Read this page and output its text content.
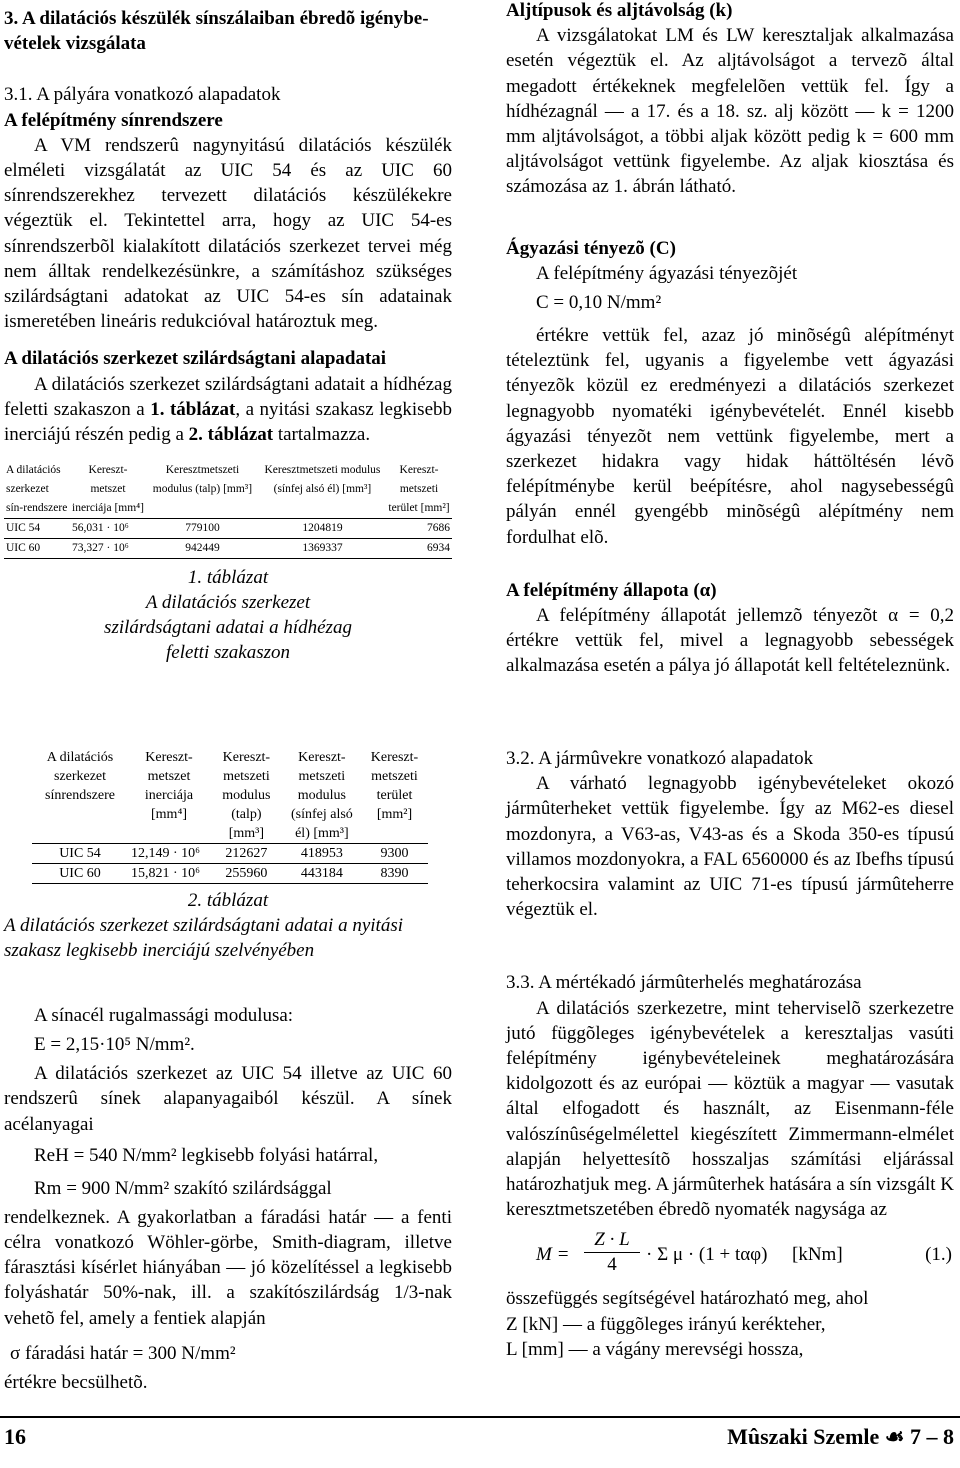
3. A dilatációs készülék sínszálaiban ébredõ igénybe-vételek vizsgálata

3.1. A pályára vonatkozó alapadatok

A felépítmény sínrendszere

A VM rendszerû nagynyitású dilatációs készülék elméleti vizsgálatát az UIC 54 és az UIC 60 sínrendszerekhez tervezett dilatációs készülékekre végeztük el. Tekintettel arra, hogy az UIC 54-es sínrendszerbõl kialakított dilatációs szerkezet tervei még nem álltak rendelkezésünkre, a számításhoz szükséges szilárdságtani adatokat az UIC 54-es sín adatainak ismeretében lineáris redukcióval határoztuk meg.

A dilatációs szerkezet szilárdságtani alapadatai

A dilatációs szerkezet szilárdságtani adatait a hídhézag feletti szakaszon a 1. táblázat, a nyitási szakasz legkisebb inerciájú részén pedig a 2. táblázat tartalmazza.

A dilatációs szerkezet sín-rendszere	Kereszt-metszet inerciája [mm⁴]	Keresztmetszeti modulus (talp) [mm³]	Keresztmetszeti modulus (sínfej alsó él) [mm³]	Kereszt-metszeti terület [mm²]
UIC 54	56,031 · 10⁶	779100	1204819	7686
UIC 60	73,327 · 10⁶	942449	1369337	6934

1. táblázat

A dilatációs szerkezet szilárdságtani adatai a hídhézag feletti szakaszon

A dilatációs szerkezet sínrendszere	Kereszt-metszet inerciája [mm⁴]	Kereszt-metszeti modulus (talp) [mm³]	Kereszt-metszeti modulus (sínfej alsó él) [mm³]	Kereszt-metszeti terület [mm²]
UIC 54	12,149 · 10⁶	212627	418953	9300
UIC 60	15,821 · 10⁶	255960	443184	8390

2. táblázat

A dilatációs szerkezet szilárdságtani adatai a nyitási szakasz legkisebb inerciájú szelvényében

A sínacél rugalmassági modulusa:

E = 2,15·10⁵ N/mm².

A dilatációs szerkezet az UIC 54 illetve az UIC 60 rendszerû sínek alapanyagaiból készül. A sínek acélanyagai

ReH = 540 N/mm² legkisebb folyási határral,

Rm = 900 N/mm² szakító szilárdsággal

rendelkeznek. A gyakorlatban a fáradási határ — a fenti célra vonatkozó Wöhler-görbe, Smith-diagram, illetve fárasztási kísérlet hiányában — jó közelítéssel a legkisebb folyáshatár 50%-nak, ill. a szakítószilárdság 1/3-nak vehetõ fel, amely a fentiek alapján

σ fáradási határ = 300 N/mm²

értékre becsülhetõ.

Aljtípusok és aljtávolság (k)

A vizsgálatokat LM és LW keresztaljak alkalmazása esetén végeztük el. Az aljtávolságot a tervezõ által megadott értékeknek megfelelõen vettük fel. Így a hídhézagnál — a 17. és a 18. sz. alj között — k = 1200 mm aljtávolságot, a többi aljak között pedig k = 600 mm aljtávolságot vettünk figyelembe. Az aljak kiosztása és számozása az 1. ábrán látható.

Ágyazási tényezõ (C)

A felépítmény ágyazási tényezõjét

C = 0,10 N/mm²

értékre vettük fel, azaz jó minõségû alépítményt tételeztünk fel, ugyanis a figyelembe vett ágyazási tényezõk közül ez eredményezi a dilatációs szerkezet legnagyobb nyomatéki igénybevételét. Ennél kisebb ágyazási tényezõt nem vettünk figyelembe, mert a szerkezet hidakra vagy hidak háttöltésén lévõ felépítménybe kerül beépítésre, ahol nagysebességû pályán ennél gyengébb minõségû alépítmény nem fordulhat elõ.

A felépítmény állapota (α)

A felépítmény állapotát jellemzõ tényezõt α = 0,2 értékre vettük fel, mivel a legnagyobb sebességek alkalmazása esetén a pálya jó állapotát kell feltételeznünk.

3.2. A jármûvekre vonatkozó alapadatok

A várható legnagyobb igénybevételeket okozó jármûterheket vettük figyelembe. Így az M62-es diesel mozdonyra, a V63-as, V43-as és a Skoda 350-es típusú villamos mozdonyokra, a FAL 6560000 és az Ibefhs típusú teherkocsira valamint az UIC 71-es típusú jármûteherre végeztük el.

3.3. A mértékadó jármûterhelés meghatározása

A dilatációs szerkezetre, mint teherviselõ szerkezetre jutó függõleges igénybevételek a keresztaljas vasúti felépítmény igénybevételeinek meghatározására kidolgozott és az európai — köztük a magyar — vasutak által elfogadott és használt, az Eisenmann-féle valószínûségelmélettel kiegészített Zimmermann-elmélet alapján helyettesítõ hosszaljas számítási eljárással határozhatjuk meg. A jármûterhek hatására a sín vizsgált K keresztmetszetében ébredõ nyomaték nagysága az

$M = \frac{Z \cdot L}{4} \cdot \Sigma$ μ · (1 + tαφ) [kNm]	(1.)

összefüggés segítségével határozható meg, ahol

Z [kN] — a függõleges irányú kerékteher,

L [mm] — a vágány merevségi hossza,

16	Mûszaki Szemle ☙ 7 – 8
